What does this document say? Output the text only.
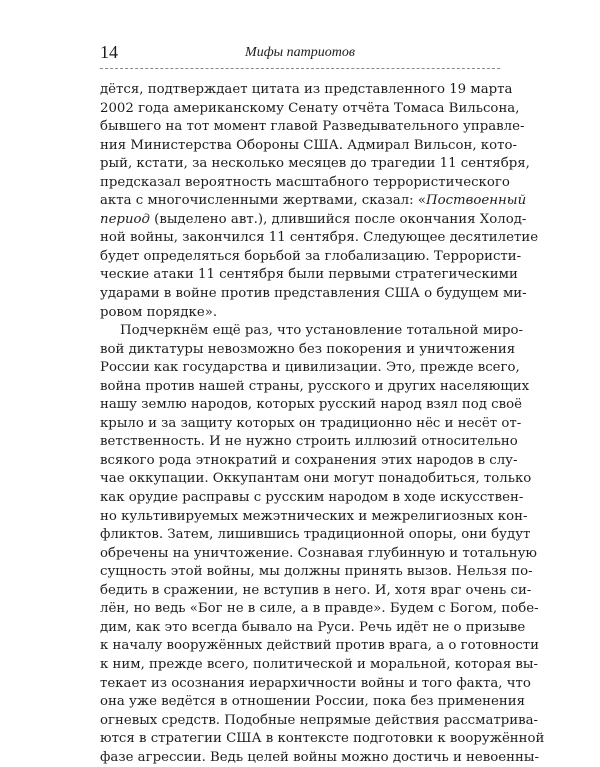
14	Мифы патриотов
дётся, подтверждает цитата из представленного 19 марта
2002 года американскому Сенату отчёта Томаса Вильсона,
бывшего на тот момент главой Разведывательного управле-
ния Министерства Обороны США. Адмирал Вильсон, кото-
рый, кстати, за несколько месяцев до трагедии 11 сентября,
предсказал вероятность масштабного террористического
акта с многочисленными жертвами, сказал: «Поствоенный
период (выделено авт.), длившийся после окончания Холод-
ной войны, закончился 11 сентября. Следующее десятилетие
будет определяться борьбой за глобализацию. Террористи-
ческие атаки 11 сентября были первыми стратегическими
ударами в войне против представления США о будущем ми-
ровом порядке».
Подчеркнём ещё раз, что установление тотальной миро-
вой диктатуры невозможно без покорения и уничтожения
России как государства и цивилизации. Это, прежде всего,
война против нашей страны, русского и других населяющих
нашу землю народов, которых русский народ взял под своё
крыло и за защиту которых он традиционно нёс и несёт от-
ветственность. И не нужно строить иллюзий относительно
всякого рода этнократий и сохранения этих народов в слу-
чае оккупации. Оккупантам они могут понадобиться, только
как орудие расправы с русским народом в ходе искусствен-
но культивируемых межэтнических и межрелигиозных кон-
фликтов. Затем, лишившись традиционной опоры, они будут
обречены на уничтожение. Сознавая глубинную и тотальную
сущность этой войны, мы должны принять вызов. Нельзя по-
бедить в сражении, не вступив в него. И, хотя враг очень си-
лён, но ведь «Бог не в силе, а в правде». Будем с Богом, побе-
дим, как это всегда бывало на Руси. Речь идёт не о призыве
к началу вооружённых действий против врага, а о готовности
к ним, прежде всего, политической и моральной, которая вы-
текает из осознания иерархичности войны и того факта, что
она уже ведётся в отношении России, пока без применения
огневых средств. Подобные непрямые действия рассматрива-
ются в стратегии США в контексте подготовки к вооружённой
фазе агрессии. Ведь целей войны можно достичь и невоенны-
